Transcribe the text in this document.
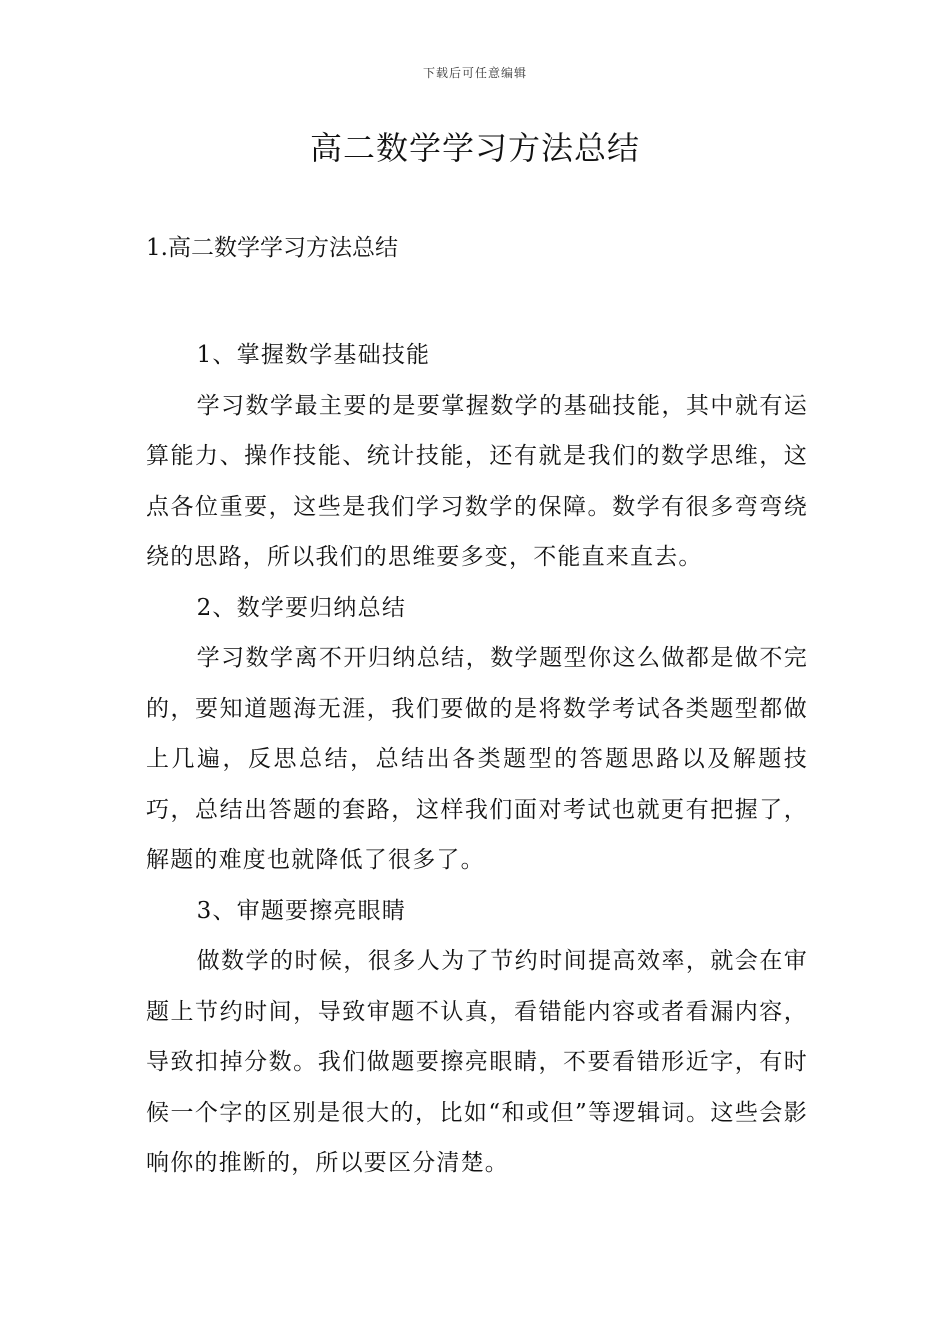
下载后可任意编辑
高二数学学习方法总结
1.高二数学学习方法总结

1、掌握数学基础技能

学习数学最主要的是要掌握数学的基础技能，其中就有运算能力、操作技能、统计技能，还有就是我们的数学思维，这点各位重要，这些是我们学习数学的保障。数学有很多弯弯绕绕的思路，所以我们的思维要多变，不能直来直去。

2、数学要归纳总结

学习数学离不开归纳总结，数学题型你这么做都是做不完的，要知道题海无涯，我们要做的是将数学考试各类题型都做上几遍，反思总结，总结出各类题型的答题思路以及解题技巧，总结出答题的套路，这样我们面对考试也就更有把握了，解题的难度也就降低了很多了。

3、审题要擦亮眼睛

做数学的时候，很多人为了节约时间提高效率，就会在审题上节约时间，导致审题不认真，看错能内容或者看漏内容，导致扣掉分数。我们做题要擦亮眼睛，不要看错形近字，有时候一个字的区别是很大的，比如“和或但”等逻辑词。这些会影响你的推断的，所以要区分清楚。
